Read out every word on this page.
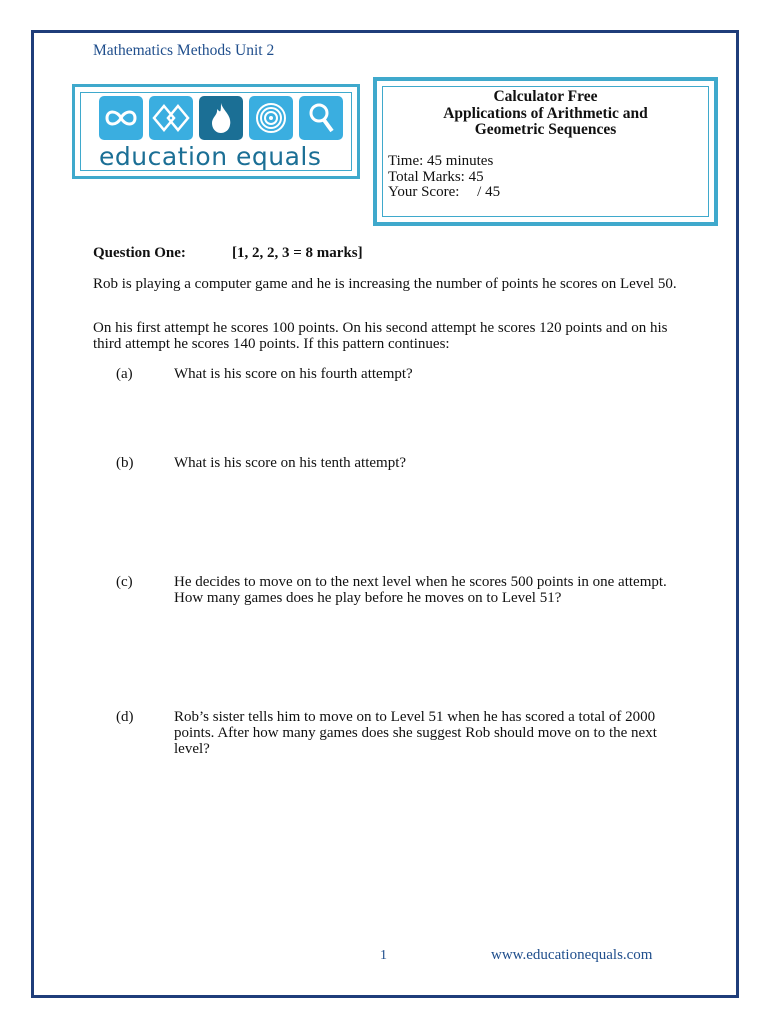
Mathematics Methods Unit 2
education equals
Calculator Free
Applications of Arithmetic and
Geometric Sequences
Time: 45 minutes
Total Marks: 45
Your Score: / 45
Question One:	[1, 2, 2, 3 = 8 marks]
Rob is playing a computer game and he is increasing the number of points he scores on Level 50.
On his first attempt he scores 100 points. On his second attempt he scores 120 points and on his third attempt he scores 140 points. If this pattern continues:
(a)	What is his score on his fourth attempt?
(b)	What is his score on his tenth attempt?
(c)	He decides to move on to the next level when he scores 500 points in one attempt. How many games does he play before he moves on to Level 51?
(d)	Rob’s sister tells him to move on to Level 51 when he has scored a total of 2000 points. After how many games does she suggest Rob should move on to the next level?
1	www.educationequals.com
